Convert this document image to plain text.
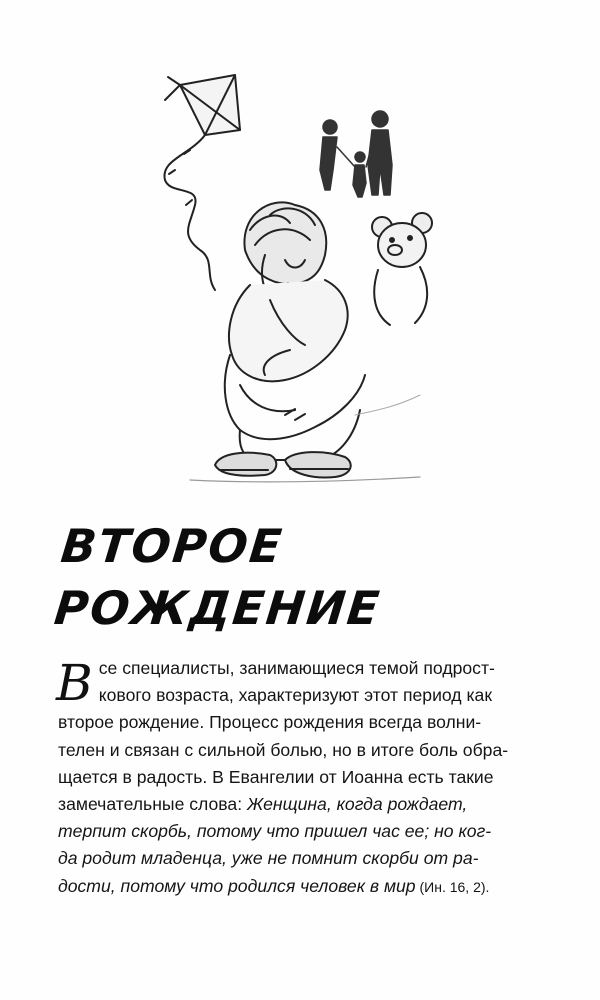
ВТОРОЕ
РОЖДЕНИЕ
В се специалисты, занимающиеся темой подрост-
кового возраста, характеризуют этот период как
второе рождение. Процесс рождения всегда волни-
телен и связан с сильной болью, но в итоге боль обра-
щается в радость. В Евангелии от Иоанна есть такие
замечательные слова: Женщина, когда рождает,
терпит скорбь, потому что пришел час ее; но ког-
да родит младенца, уже не помнит скорби от ра-
дости, потому что родился человек в мир (Ин. 16, 2).
